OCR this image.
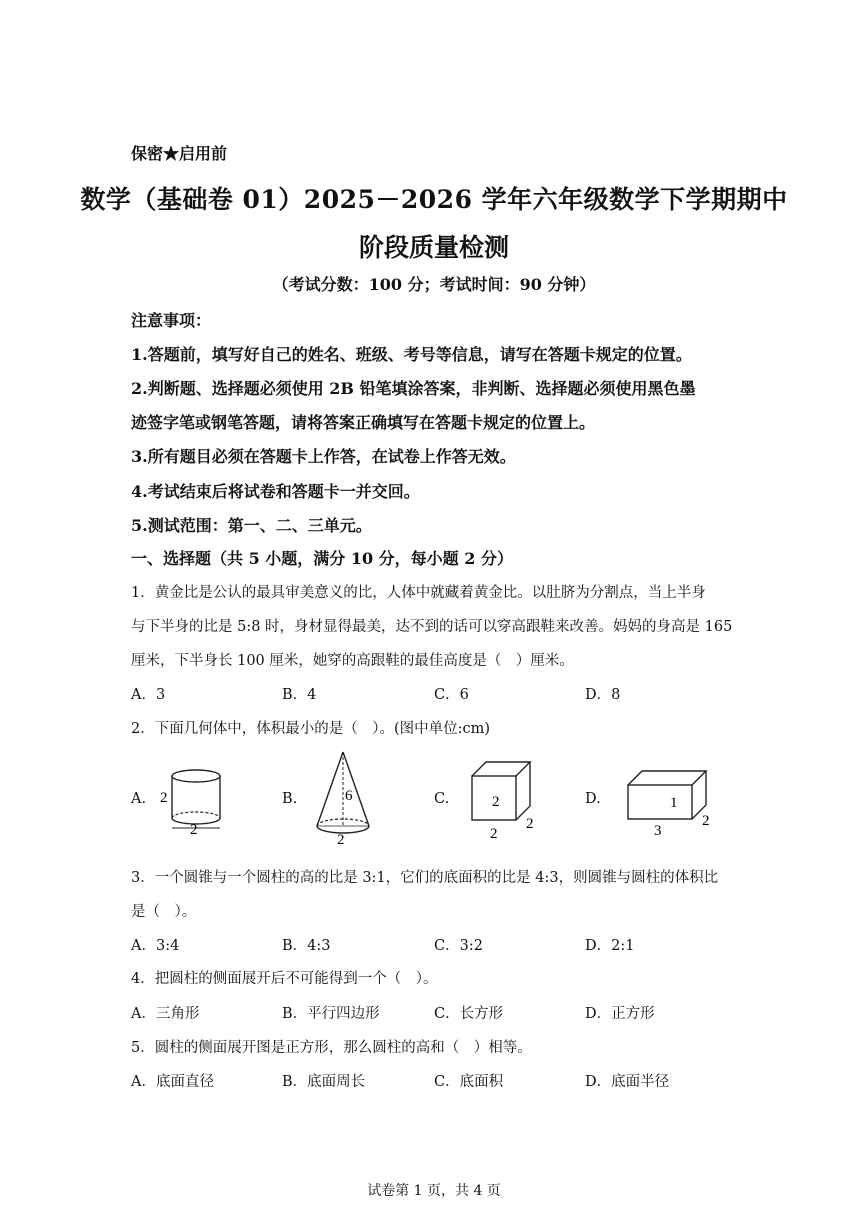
保密★启用前
数学（基础卷 01）2025－2026 学年六年级数学下学期期中
阶段质量检测
（考试分数：100 分；考试时间：90 分钟）
注意事项：
1.答题前，填写好自己的姓名、班级、考号等信息，请写在答题卡规定的位置。
2.判断题、选择题必须使用 2B 铅笔填涂答案，非判断、选择题必须使用黑色墨
迹签字笔或钢笔答题，请将答案正确填写在答题卡规定的位置上。
3.所有题目必须在答题卡上作答，在试卷上作答无效。
4.考试结束后将试卷和答题卡一并交回。
5.测试范围：第一、二、三单元。
一、选择题（共 5 小题，满分 10 分，每小题 2 分）
1．黄金比是公认的最具审美意义的比，人体中就藏着黄金比。以肚脐为分割点，当上半身
与下半身的比是 5:8 时，身材显得最美，达不到的话可以穿高跟鞋来改善。妈妈的身高是 165
厘米，下半身长 100 厘米，她穿的高跟鞋的最佳高度是（　）厘米。
A．3	B．4	C．6	D．8
2．下面几何体中，体积最小的是（　）。(图中单位:cm)
A.	B.	C.	D.
2
2
6
2
2
2
2
1
3
2
3．一个圆锥与一个圆柱的高的比是 3:1，它们的底面积的比是 4:3，则圆锥与圆柱的体积比
是（　）。
A．3:4	B．4:3	C．3:2	D．2:1
4．把圆柱的侧面展开后不可能得到一个（　）。
A．三角形	B．平行四边形	C．长方形	D．正方形
5．圆柱的侧面展开图是正方形，那么圆柱的高和（　）相等。
A．底面直径	B．底面周长	C．底面积	D．底面半径
试卷第 1 页，共 4 页
